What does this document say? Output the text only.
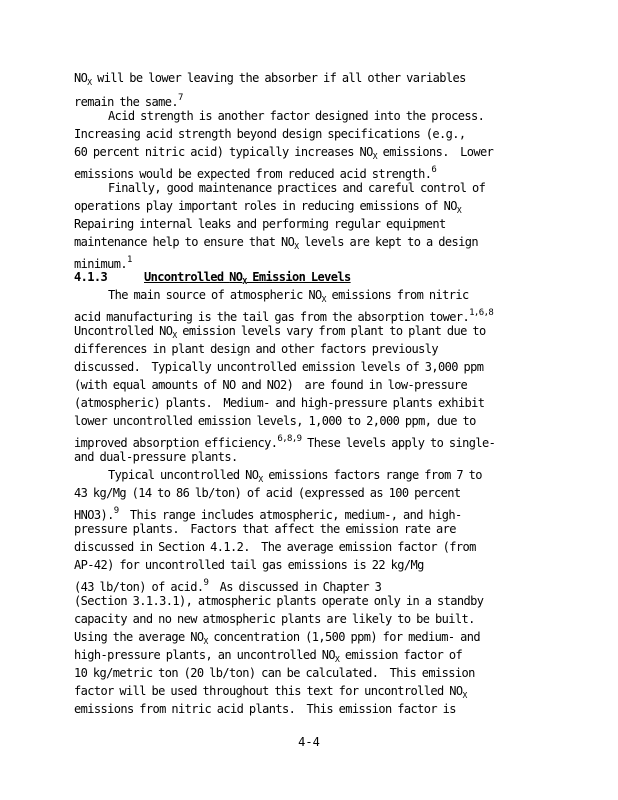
$NO_X$ will be lower leaving the absorber if all other variables

remain the same.$^7$

Acid strength is another factor designed into the process.

Increasing acid strength beyond design specifications (e.g.,

60 percent nitric acid) typically increases $NO_X$ emissions.  Lower

emissions would be expected from reduced acid strength.$^6$

Finally, good maintenance practices and careful control of

operations play important roles in reducing emissions of $NO_X$

Repairing internal leaks and performing regular equipment

maintenance help to ensure that $NO_X$ levels are kept to a design

minimum.$^1$

4.1.3	Uncontrolled $NO_X$ Emission Levels

The main source of atmospheric $NO_X$ emissions from nitric

acid manufacturing is the tail gas from the absorption tower.$^{1,6,8}$

Uncontrolled $NO_X$ emission levels vary from plant to plant due to

differences in plant design and other factors previously

discussed.  Typically uncontrolled emission levels of 3,000 ppm

(with equal amounts of NO and NO2)  are found in low-pressure

(atmospheric) plants.  Medium- and high-pressure plants exhibit

lower uncontrolled emission levels, 1,000 to 2,000 ppm, due to

improved absorption efficiency.$^{6,8,9}$ These levels apply to single-

and dual-pressure plants.

Typical uncontrolled $NO_X$ emissions factors range from 7 to

43 kg/Mg (14 to 86 lb/ton) of acid (expressed as 100 percent

HNO3).$^9$  This range includes atmospheric, medium-, and high-

pressure plants.  Factors that affect the emission rate are

discussed in Section 4.1.2.  The average emission factor (from

AP-42) for uncontrolled tail gas emissions is 22 kg/Mg

(43 lb/ton) of acid.$^9$  As discussed in Chapter 3

(Section 3.1.3.1), atmospheric plants operate only in a standby

capacity and no new atmospheric plants are likely to be built.

Using the average $NO_X$ concentration (1,500 ppm) for medium- and

high-pressure plants, an uncontrolled $NO_X$ emission factor of

10 kg/metric ton (20 lb/ton) can be calculated.  This emission

factor will be used throughout this text for uncontrolled $NO_X$

emissions from nitric acid plants.  This emission factor is

4-4
